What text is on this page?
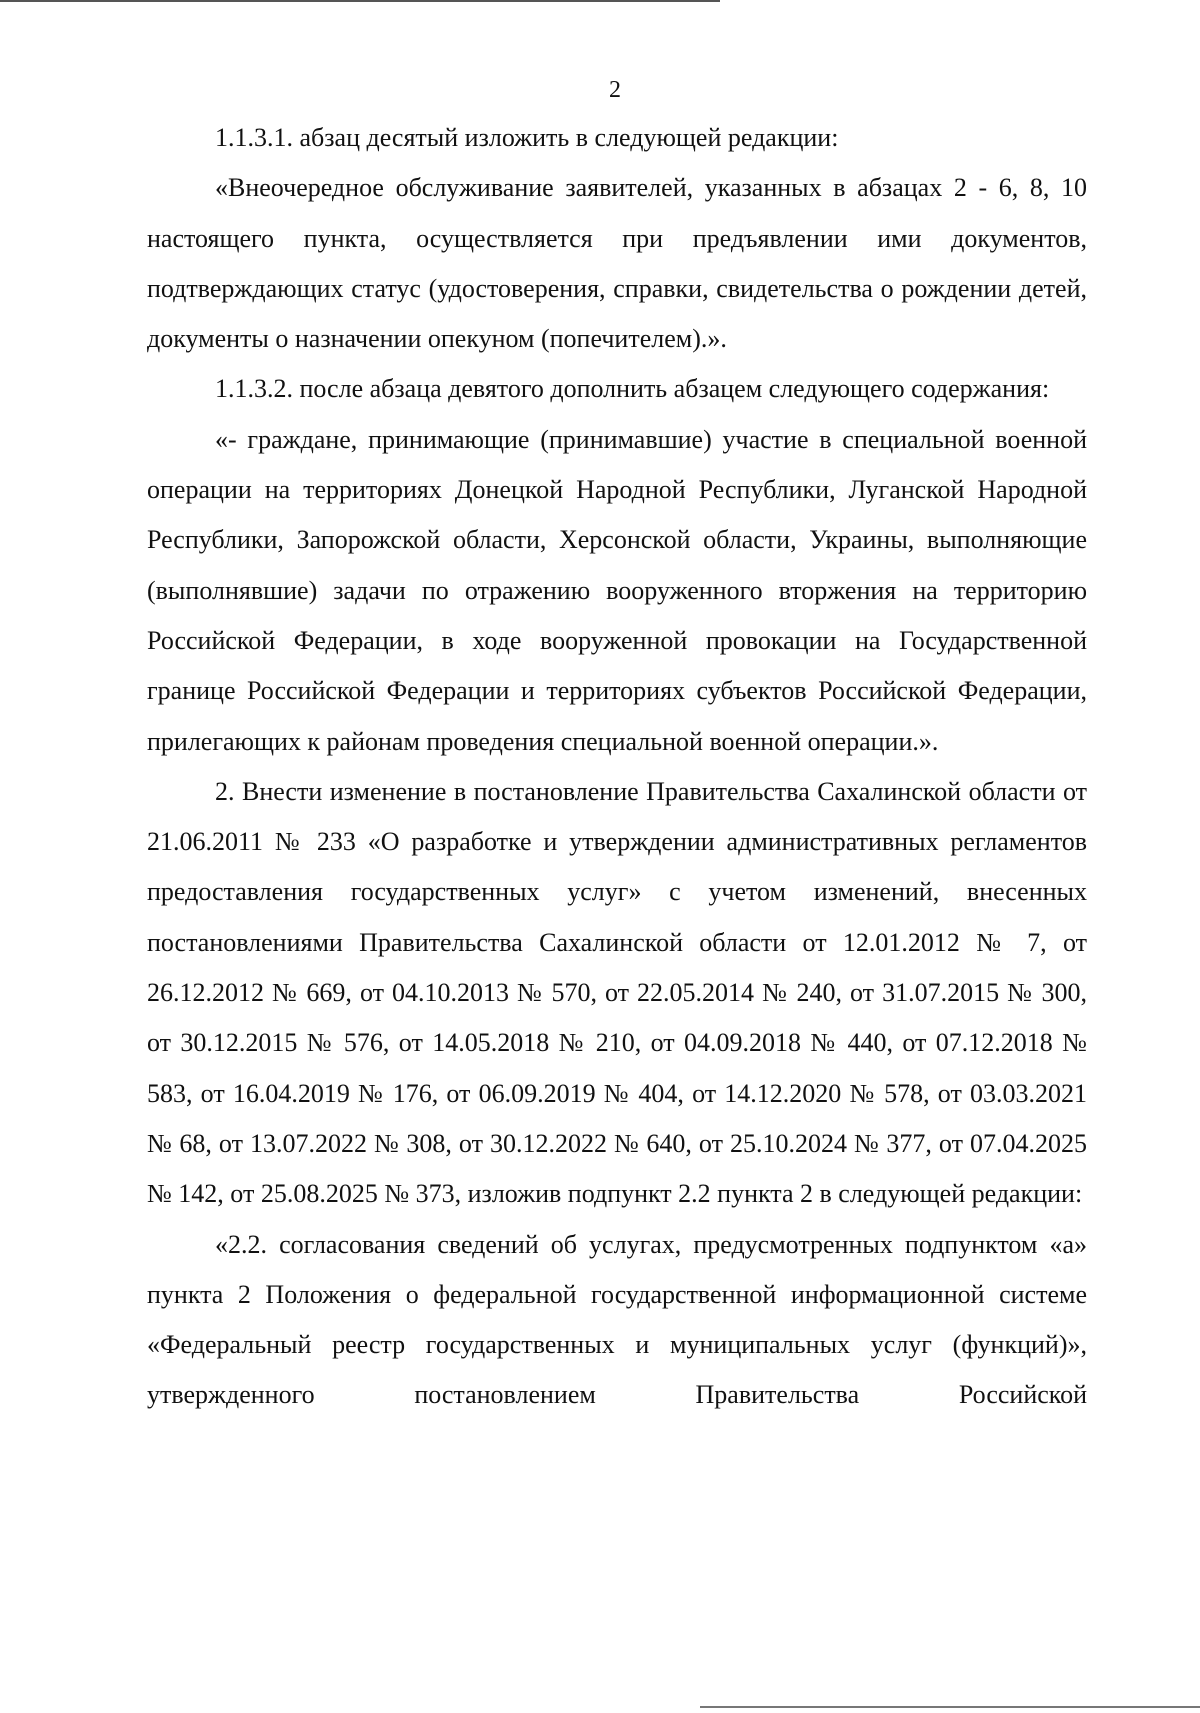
2

1.1.3.1. абзац десятый изложить в следующей редакции:

«Внеочередное обслуживание заявителей, указанных в абзацах 2 - 6, 8, 10 настоящего пункта, осуществляется при предъявлении ими документов, подтверждающих статус (удостоверения, справки, свидетельства о рождении детей, документы о назначении опекуном (попечителем).».

1.1.3.2. после абзаца девятого дополнить абзацем следующего содержания:

«- граждане, принимающие (принимавшие) участие в специальной военной операции на территориях Донецкой Народной Республики, Луганской Народной Республики, Запорожской области, Херсонской области, Украины, выполняющие (выполнявшие) задачи по отражению вооруженного вторжения на территорию Российской Федерации, в ходе вооруженной провокации на Государственной границе Российской Федерации и территориях субъектов Российской Федерации, прилегающих к районам проведения специальной военной операции.».

2. Внести изменение в постановление Правительства Сахалинской области от 21.06.2011 № 233 «О разработке и утверждении административных регламентов предоставления государственных услуг» с учетом изменений, внесенных постановлениями Правительства Сахалинской области от 12.01.2012 № 7, от 26.12.2012 № 669, от 04.10.2013 № 570, от 22.05.2014 № 240, от 31.07.2015 № 300, от 30.12.2015 № 576, от 14.05.2018 № 210, от 04.09.2018 № 440, от 07.12.2018 № 583, от 16.04.2019 № 176, от 06.09.2019 № 404, от 14.12.2020 № 578, от 03.03.2021 № 68, от 13.07.2022 № 308, от 30.12.2022 № 640, от 25.10.2024 № 377, от 07.04.2025 № 142, от 25.08.2025 № 373, изложив подпункт 2.2 пункта 2 в следующей редакции:

«2.2. согласования сведений об услугах, предусмотренных подпунктом «а» пункта 2 Положения о федеральной государственной информационной системе «Федеральный реестр государственных и муниципальных услуг (функций)», утвержденного постановлением Правительства Российской
